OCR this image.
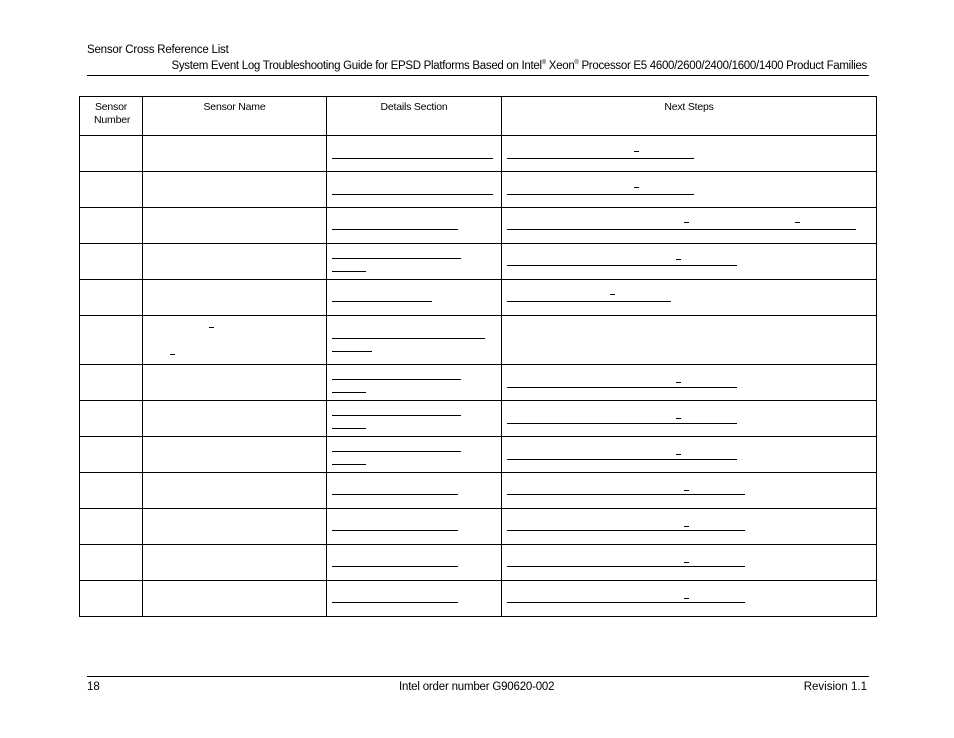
Sensor Cross Reference List
System Event Log Troubleshooting Guide for EPSD Platforms Based on Intel® Xeon® Processor E5 4600/2600/2400/1600/1400 Product Families
Sensor Number	Sensor Name	Details Section	Next Steps

18	Intel order number G90620-002	Revision 1.1
